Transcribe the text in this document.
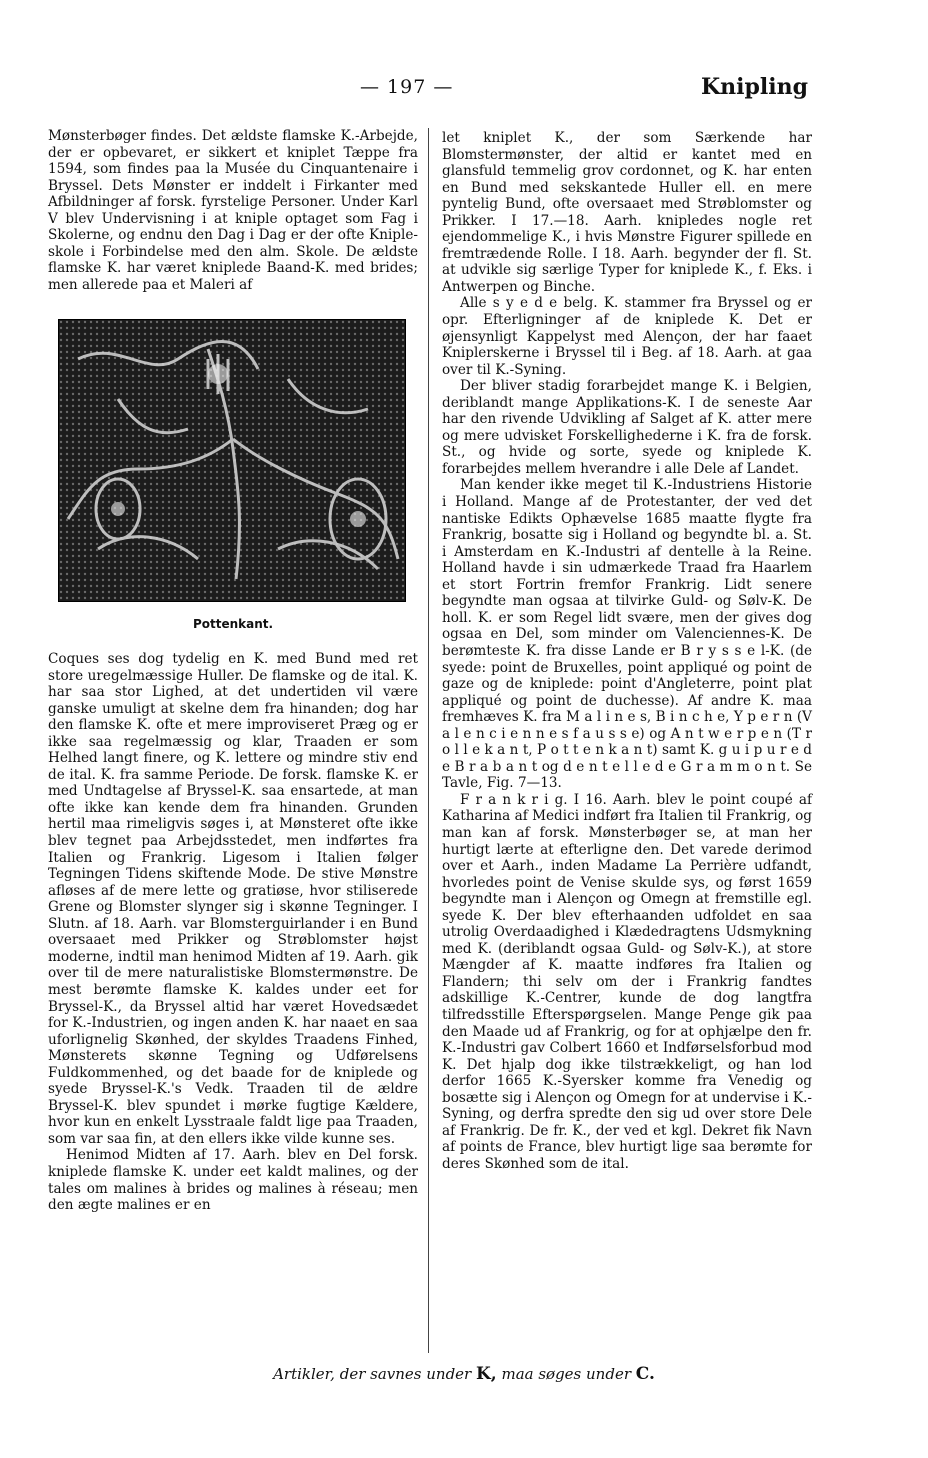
— 197 —	Knipling

Mønsterbøger findes. Det ældste flamske K.-Arbejde, der er opbevaret, er sikkert et kniplet Tæppe fra 1594, som findes paa la Musée du Cinquantenaire i Bryssel. Dets Mønster er inddelt i Firkanter med Afbildninger af forsk. fyrstelige Personer. Under Karl V blev Undervisning i at kniple optaget som Fag i Skolerne, og endnu den Dag i Dag er der ofte Kniple-skole i Forbindelse med den alm. Skole. De ældste flamske K. har været kniplede Baand-K. med brides; men allerede paa et Maleri af

Pottenkant.

Coques ses dog tydelig en K. med Bund med ret store uregelmæssige Huller. De flamske og de ital. K. har saa stor Lighed, at det undertiden vil være ganske umuligt at skelne dem fra hinanden; dog har den flamske K. ofte et mere improviseret Præg og er ikke saa regelmæssig og klar, Traaden er som Helhed langt finere, og K. lettere og mindre stiv end de ital. K. fra samme Periode. De forsk. flamske K. er med Undtagelse af Bryssel-K. saa ensartede, at man ofte ikke kan kende dem fra hinanden. Grunden hertil maa rimeligvis søges i, at Mønsteret ofte ikke blev tegnet paa Arbejdsstedet, men indførtes fra Italien og Frankrig. Ligesom i Italien følger Tegningen Tidens skiftende Mode. De stive Mønstre afløses af de mere lette og gratiøse, hvor stiliserede Grene og Blomster slynger sig i skønne Tegninger. I Slutn. af 18. Aarh. var Blomsterguirlander i en Bund oversaaet med Prikker og Strøblomster højst moderne, indtil man henimod Midten af 19. Aarh. gik over til de mere naturalistiske Blomstermønstre. De mest berømte flamske K. kaldes under eet for Bryssel-K., da Bryssel altid har været Hovedsædet for K.-Industrien, og ingen anden K. har naaet en saa uforlignelig Skønhed, der skyldes Traadens Finhed, Mønsterets skønne Tegning og Udførelsens Fuldkommenhed, og det baade for de kniplede og syede Bryssel-K.'s Vedk. Traaden til de ældre Bryssel-K. blev spundet i mørke fugtige Kældere, hvor kun en enkelt Lysstraale faldt lige paa Traaden, som var saa fin, at den ellers ikke vilde kunne ses.

Henimod Midten af 17. Aarh. blev en Del forsk. kniplede flamske K. under eet kaldt malines, og der tales om malines à brides og malines à réseau; men den ægte malines er en

let kniplet K., der som Særkende har Blomstermønster, der altid er kantet med en glansfuld temmelig grov cordonnet, og K. har enten en Bund med sekskantede Huller ell. en mere pyntelig Bund, ofte oversaaet med Strøblomster og Prikker. I 17.—18. Aarh. knipledes nogle ret ejendommelige K., i hvis Mønstre Figurer spillede en fremtrædende Rolle. I 18. Aarh. begynder der fl. St. at udvikle sig særlige Typer for kniplede K., f. Eks. i Antwerpen og Binche.

Alle s y e d e belg. K. stammer fra Bryssel og er opr. Efterligninger af de kniplede K. Det er øjensynligt Kappelyst med Alençon, der har faaet Kniplerskerne i Bryssel til i Beg. af 18. Aarh. at gaa over til K.-Syning.

Der bliver stadig forarbejdet mange K. i Belgien, deriblandt mange Applikations-K. I de seneste Aar har den rivende Udvikling af Salget af K. atter mere og mere udvisket Forskellighederne i K. fra de forsk. St., og hvide og sorte, syede og kniplede K. forarbejdes mellem hverandre i alle Dele af Landet.

Man kender ikke meget til K.-Industriens Historie i Holland. Mange af de Protestanter, der ved det nantiske Edikts Ophævelse 1685 maatte flygte fra Frankrig, bosatte sig i Holland og begyndte bl. a. St. i Amsterdam en K.-Industri af dentelle à la Reine. Holland havde i sin udmærkede Traad fra Haarlem et stort Fortrin fremfor Frankrig. Lidt senere begyndte man ogsaa at tilvirke Guld- og Sølv-K. De holl. K. er som Regel lidt svære, men der gives dog ogsaa en Del, som minder om Valenciennes-K. De berømteste K. fra disse Lande er B r y s s e l-K. (de syede: point de Bruxelles, point appliqué og point de gaze og de kniplede: point d'Angleterre, point plat appliqué og point de duchesse). Af andre K. maa fremhæves K. fra M a l i n e s, B i n c h e, Y p e r n (V a l e n c i e n n e s f a u s s e) og A n t w e r p e n (T r o l l e k a n t, P o t t e n k a n t) samt K. g u i p u r e d e B r a b a n t og d e n t e l l e d e G r a m m o n t. Se Tavle, Fig. 7—13.

F r a n k r i g. I 16. Aarh. blev le point coupé af Katharina af Medici indført fra Italien til Frankrig, og man kan af forsk. Mønsterbøger se, at man her hurtigt lærte at efterligne den. Det varede derimod over et Aarh., inden Madame La Perrière udfandt, hvorledes point de Venise skulde sys, og først 1659 begyndte man i Alençon og Omegn at fremstille egl. syede K. Der blev efterhaanden udfoldet en saa utrolig Overdaadighed i Klædedragtens Udsmykning med K. (deriblandt ogsaa Guld- og Sølv-K.), at store Mængder af K. maatte indføres fra Italien og Flandern; thi selv om der i Frankrig fandtes adskillige K.-Centrer, kunde de dog langtfra tilfredsstille Efterspørgselen. Mange Penge gik paa den Maade ud af Frankrig, og for at ophjælpe den fr. K.-Industri gav Colbert 1660 et Indførselsforbud mod K. Det hjalp dog ikke tilstrækkeligt, og han lod derfor 1665 K.-Syersker komme fra Venedig og bosætte sig i Alençon og Omegn for at undervise i K.-Syning, og derfra spredte den sig ud over store Dele af Frankrig. De fr. K., der ved et kgl. Dekret fik Navn af points de France, blev hurtigt lige saa berømte for deres Skønhed som de ital.

Artikler, der savnes under K, maa søges under C.
